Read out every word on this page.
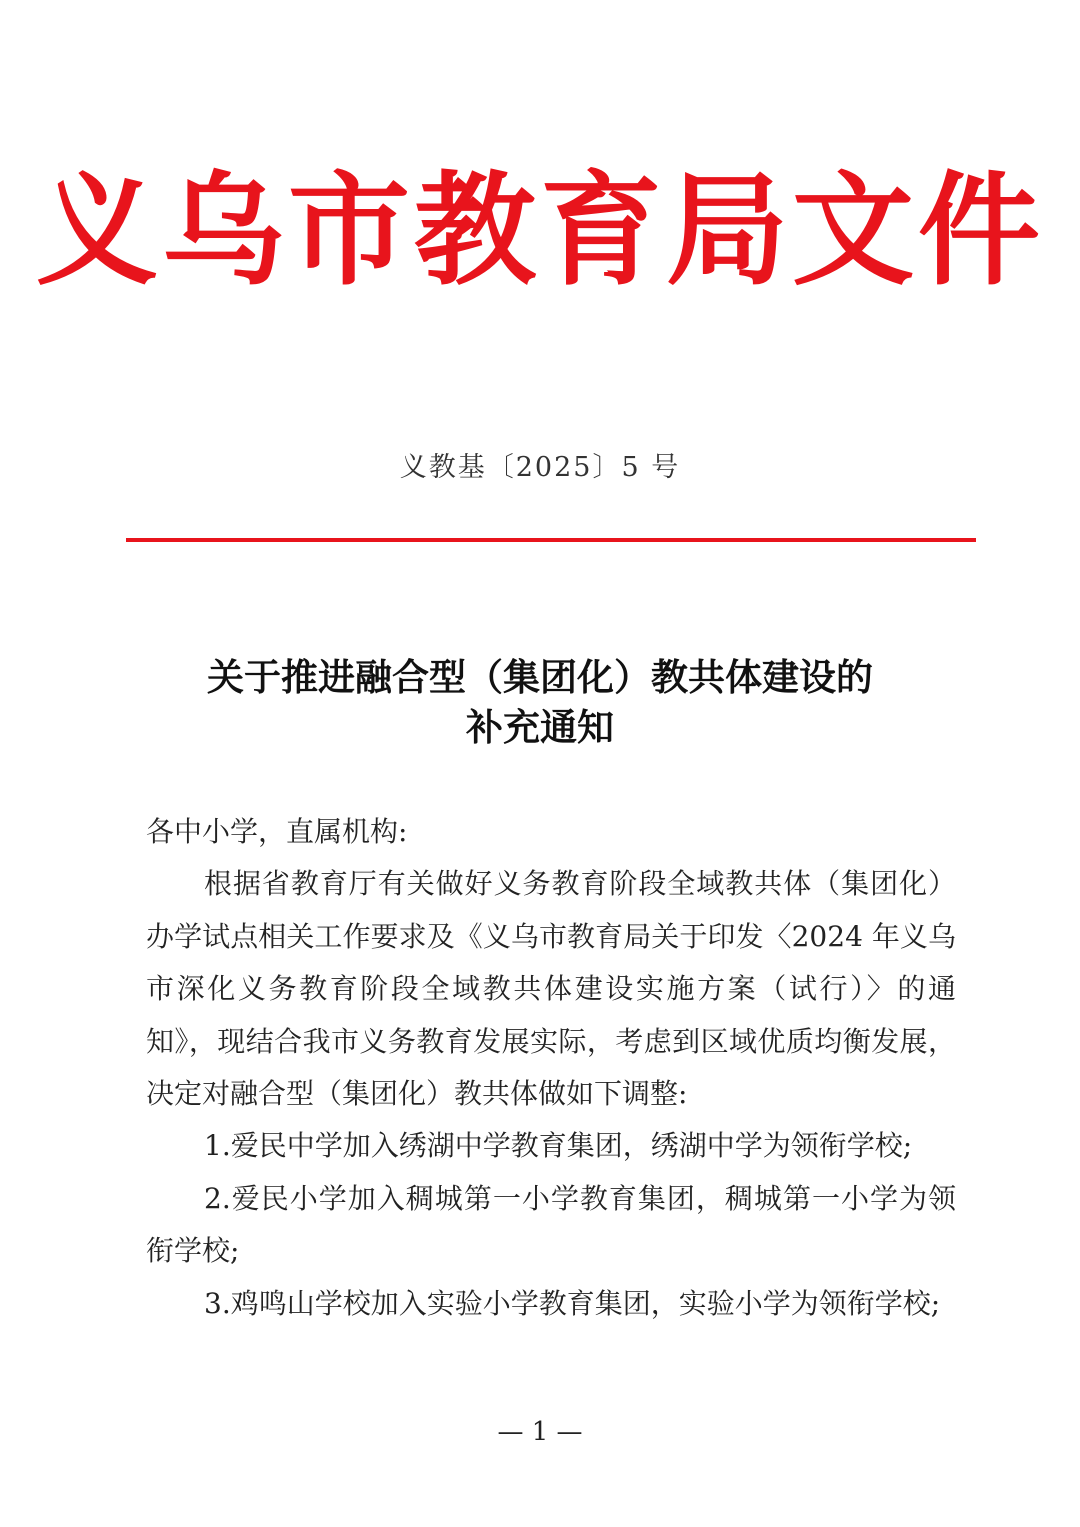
义乌市教育局文件
义教基〔2025〕5 号
关于推进融合型（集团化）教共体建设的
补充通知

各中小学，直属机构:

根据省教育厅有关做好义务教育阶段全域教共体（集团化）办学试点相关工作要求及《义乌市教育局关于印发〈2024 年义乌市深化义务教育阶段全域教共体建设实施方案（试行）〉的通知》，现结合我市义务教育发展实际，考虑到区域优质均衡发展，决定对融合型（集团化）教共体做如下调整:

1.爱民中学加入绣湖中学教育集团，绣湖中学为领衔学校;

2.爱民小学加入稠城第一小学教育集团，稠城第一小学为领衔学校;

3.鸡鸣山学校加入实验小学教育集团，实验小学为领衔学校;

— 1 —
